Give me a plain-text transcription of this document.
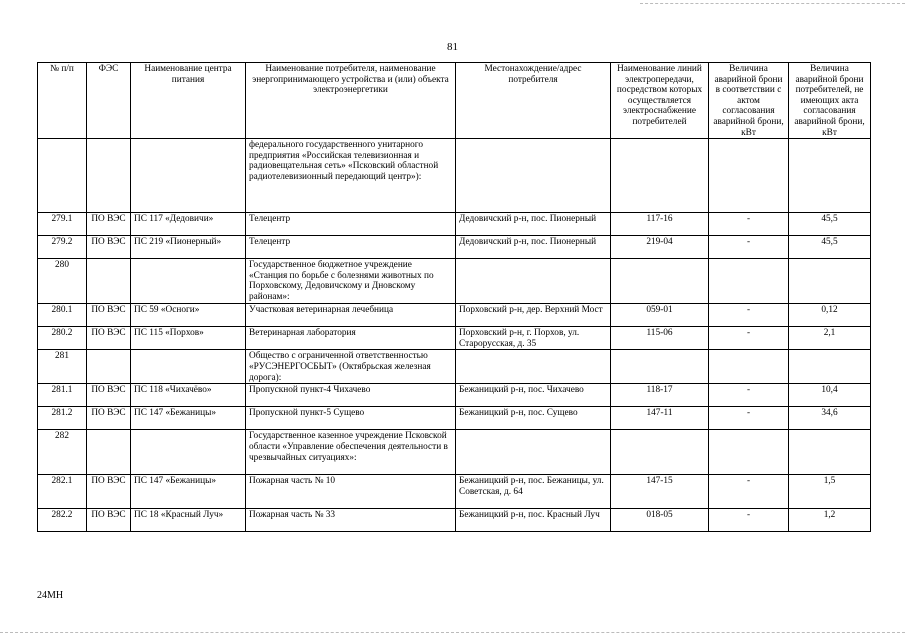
81
№ п/п	ФЭС	Наименование центра питания	Наименование потребителя, наименование энергопринимающего устройства и (или) объекта электроэнергетики	Местонахождение/адрес потребителя	Наименование линий электропередачи, посредством которых осуществляется электроснабжение потребителей	Величина аварийной брони в соответствии с актом согласования аварийной брони, кВт	Величина аварийной брони потребителей, не имеющих акта согласования аварийной брони, кВт
			федерального государственного унитарного предприятия «Российская телевизионная и радиовещательная сеть» «Псковский областной радиотелевизионный передающий центр»):				
279.1	ПО ВЭС	ПС 117 «Дедовичи»	Телецентр	Дедовичский р-н, пос. Пионерный	117-16	-	45,5
279.2	ПО ВЭС	ПС 219 «Пионерный»	Телецентр	Дедовичский р-н, пос. Пионерный	219-04	-	45,5
280			Государственное бюджетное учреждение «Станция по борьбе с болезнями животных по Порховскому, Дедовичскому и Дновскому районам»:				
280.1	ПО ВЭС	ПС 59 «Осноги»	Участковая ветеринарная лечебница	Порховский р-н, дер. Верхний Мост	059-01	-	0,12
280.2	ПО ВЭС	ПС 115 «Порхов»	Ветеринарная лаборатория	Порховский р-н, г. Порхов, ул. Старорусская, д. 35	115-06	-	2,1
281			Общество с ограниченной ответственностью «РУСЭНЕРГОСБЫТ» (Октябрьская железная дорога):				
281.1	ПО ВЭС	ПС 118 «Чихачёво»	Пропускной пункт-4 Чихачево	Бежаницкий р-н, пос. Чихачево	118-17	-	10,4
281.2	ПО ВЭС	ПС 147 «Бежаницы»	Пропускной пункт-5 Сущево	Бежаницкий р-н, пос. Сущево	147-11	-	34,6
282			Государственное казенное учреждение Псковской области «Управление обеспечения деятельности в чрезвычайных ситуациях»:				
282.1	ПО ВЭС	ПС 147 «Бежаницы»	Пожарная часть № 10	Бежаницкий р-н, пос. Бежаницы, ул. Советская, д. 64	147-15	-	1,5
282.2	ПО ВЭС	ПС 18 «Красный Луч»	Пожарная часть № 33	Бежаницкий р-н, пос. Красный Луч	018-05	-	1,2
24МН
